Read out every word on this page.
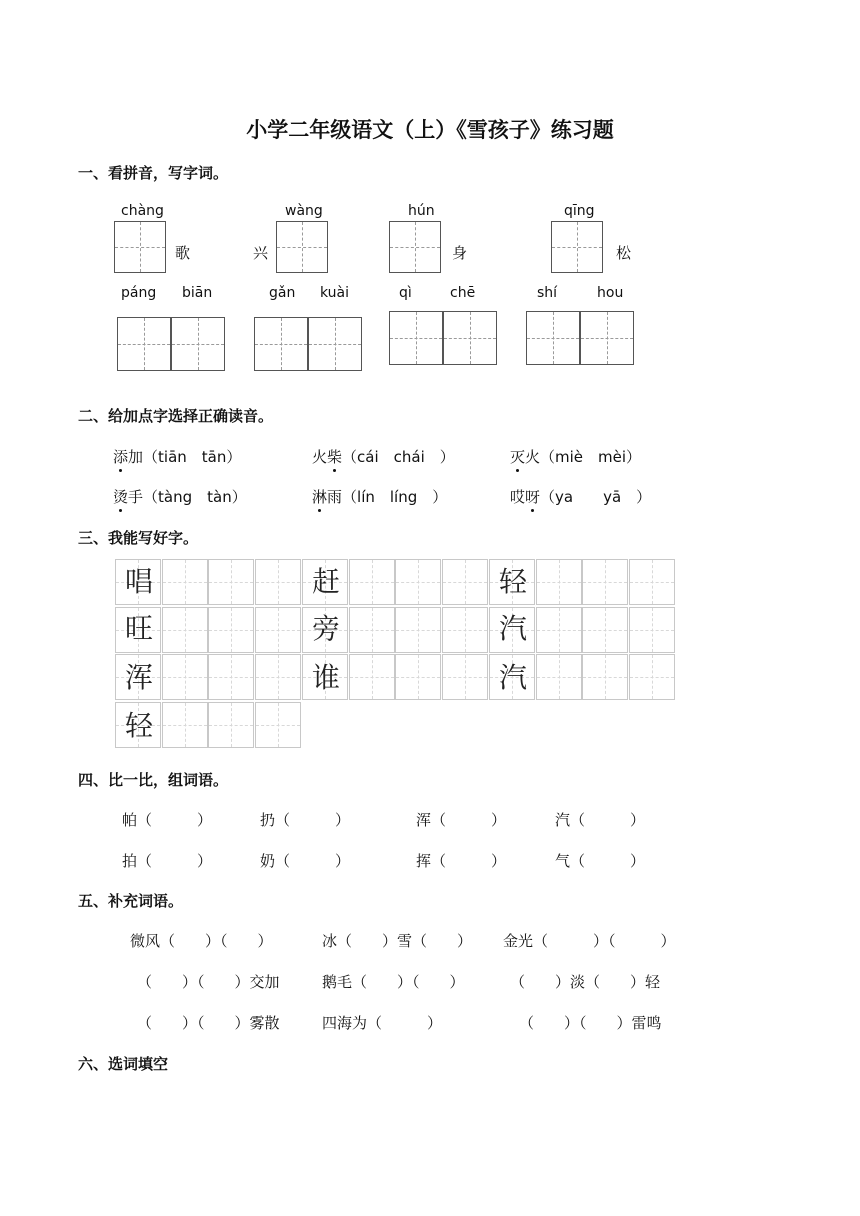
小学二年级语文（上）《雪孩子》练习题
一、看拼音，写字词。
chàng	wàng	hún	qīng
歌	兴	身	松
páng biān	gǎn kuài	qì	chē	shí	hou
二、给加点字选择正确读音。
添加（tiān　tān）	火柴（cái　chái　）	灭火（miè　mèi）
烫手（tàng　tàn）	淋雨（lín　líng　）	哎呀（ya　　yā　）
三、我能写好字。
唱	赶	轻
旺	旁	汽
浑	谁	汽
轻
四、比一比，组词语。
帕（　　　）	扔（　　　）	浑（　　　）	汽（　　　）
拍（　　　）	奶（　　　）	挥（　　　）	气（　　　）
五、补充词语。
微风（　　）（　　）	冰（　　）雪（　　） 金光（　　　）（　　　）
（　　）（　　）交加	鹅毛（　　）（　　）	（　　）淡（　　）轻
（　　）（　　）雾散	四海为（　　　）	（　　）（　　）雷鸣
六、选词填空
